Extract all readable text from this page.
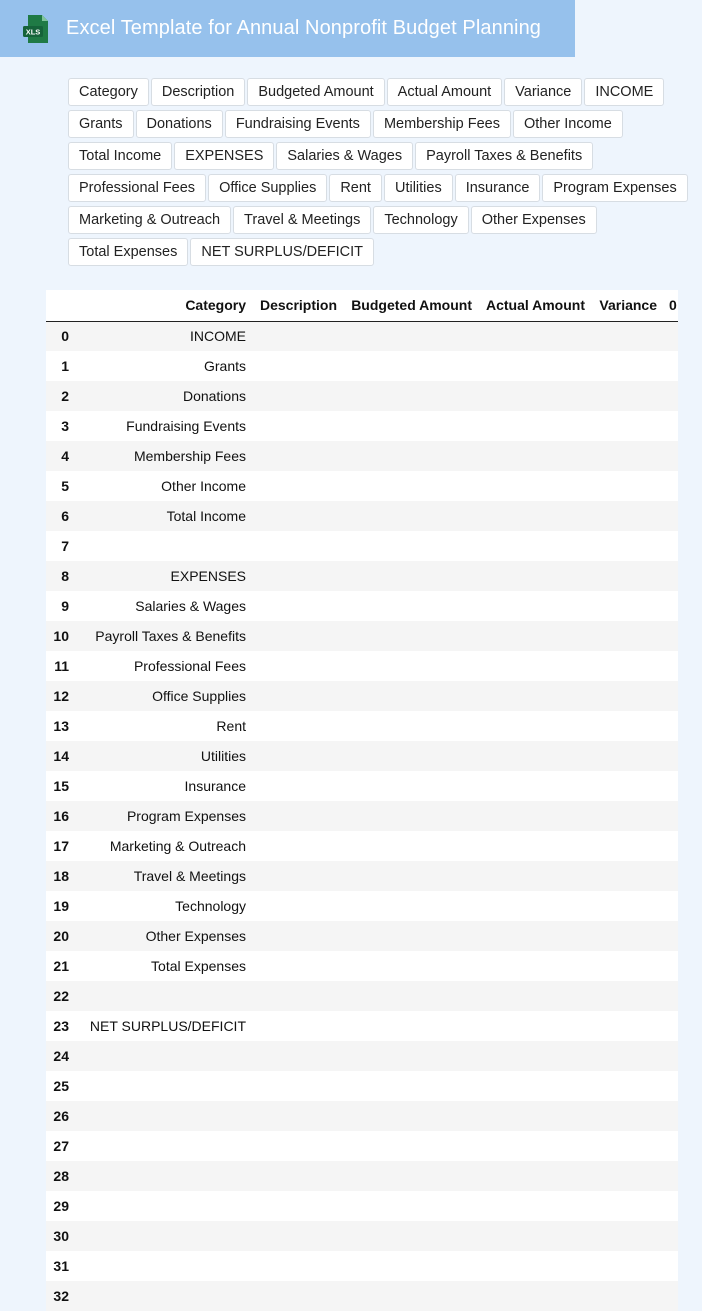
XLS Excel Template for Annual Nonprofit Budget Planning
Category	Description	Budgeted Amount	Actual Amount	Variance	INCOME
Grants	Donations	Fundraising Events	Membership Fees	Other Income
Total Income	EXPENSES	Salaries & Wages	Payroll Taxes & Benefits
Professional Fees	Office Supplies	Rent	Utilities	Insurance	Program Expenses
Marketing & Outreach	Travel & Meetings	Technology	Other Expenses
Total Expenses	NET SURPLUS/DEFICIT
	Category	Description	Budgeted Amount	Actual Amount	Variance	0
0	INCOME					
1	Grants					
2	Donations					
3	Fundraising Events					
4	Membership Fees					
5	Other Income					
6	Total Income					
7						
8	EXPENSES					
9	Salaries & Wages					
10	Payroll Taxes & Benefits					
11	Professional Fees					
12	Office Supplies					
13	Rent					
14	Utilities					
15	Insurance					
16	Program Expenses					
17	Marketing & Outreach					
18	Travel & Meetings					
19	Technology					
20	Other Expenses					
21	Total Expenses					
22						
23	NET SURPLUS/DEFICIT					
24						
25						
26						
27						
28						
29						
30						
31						
32						
